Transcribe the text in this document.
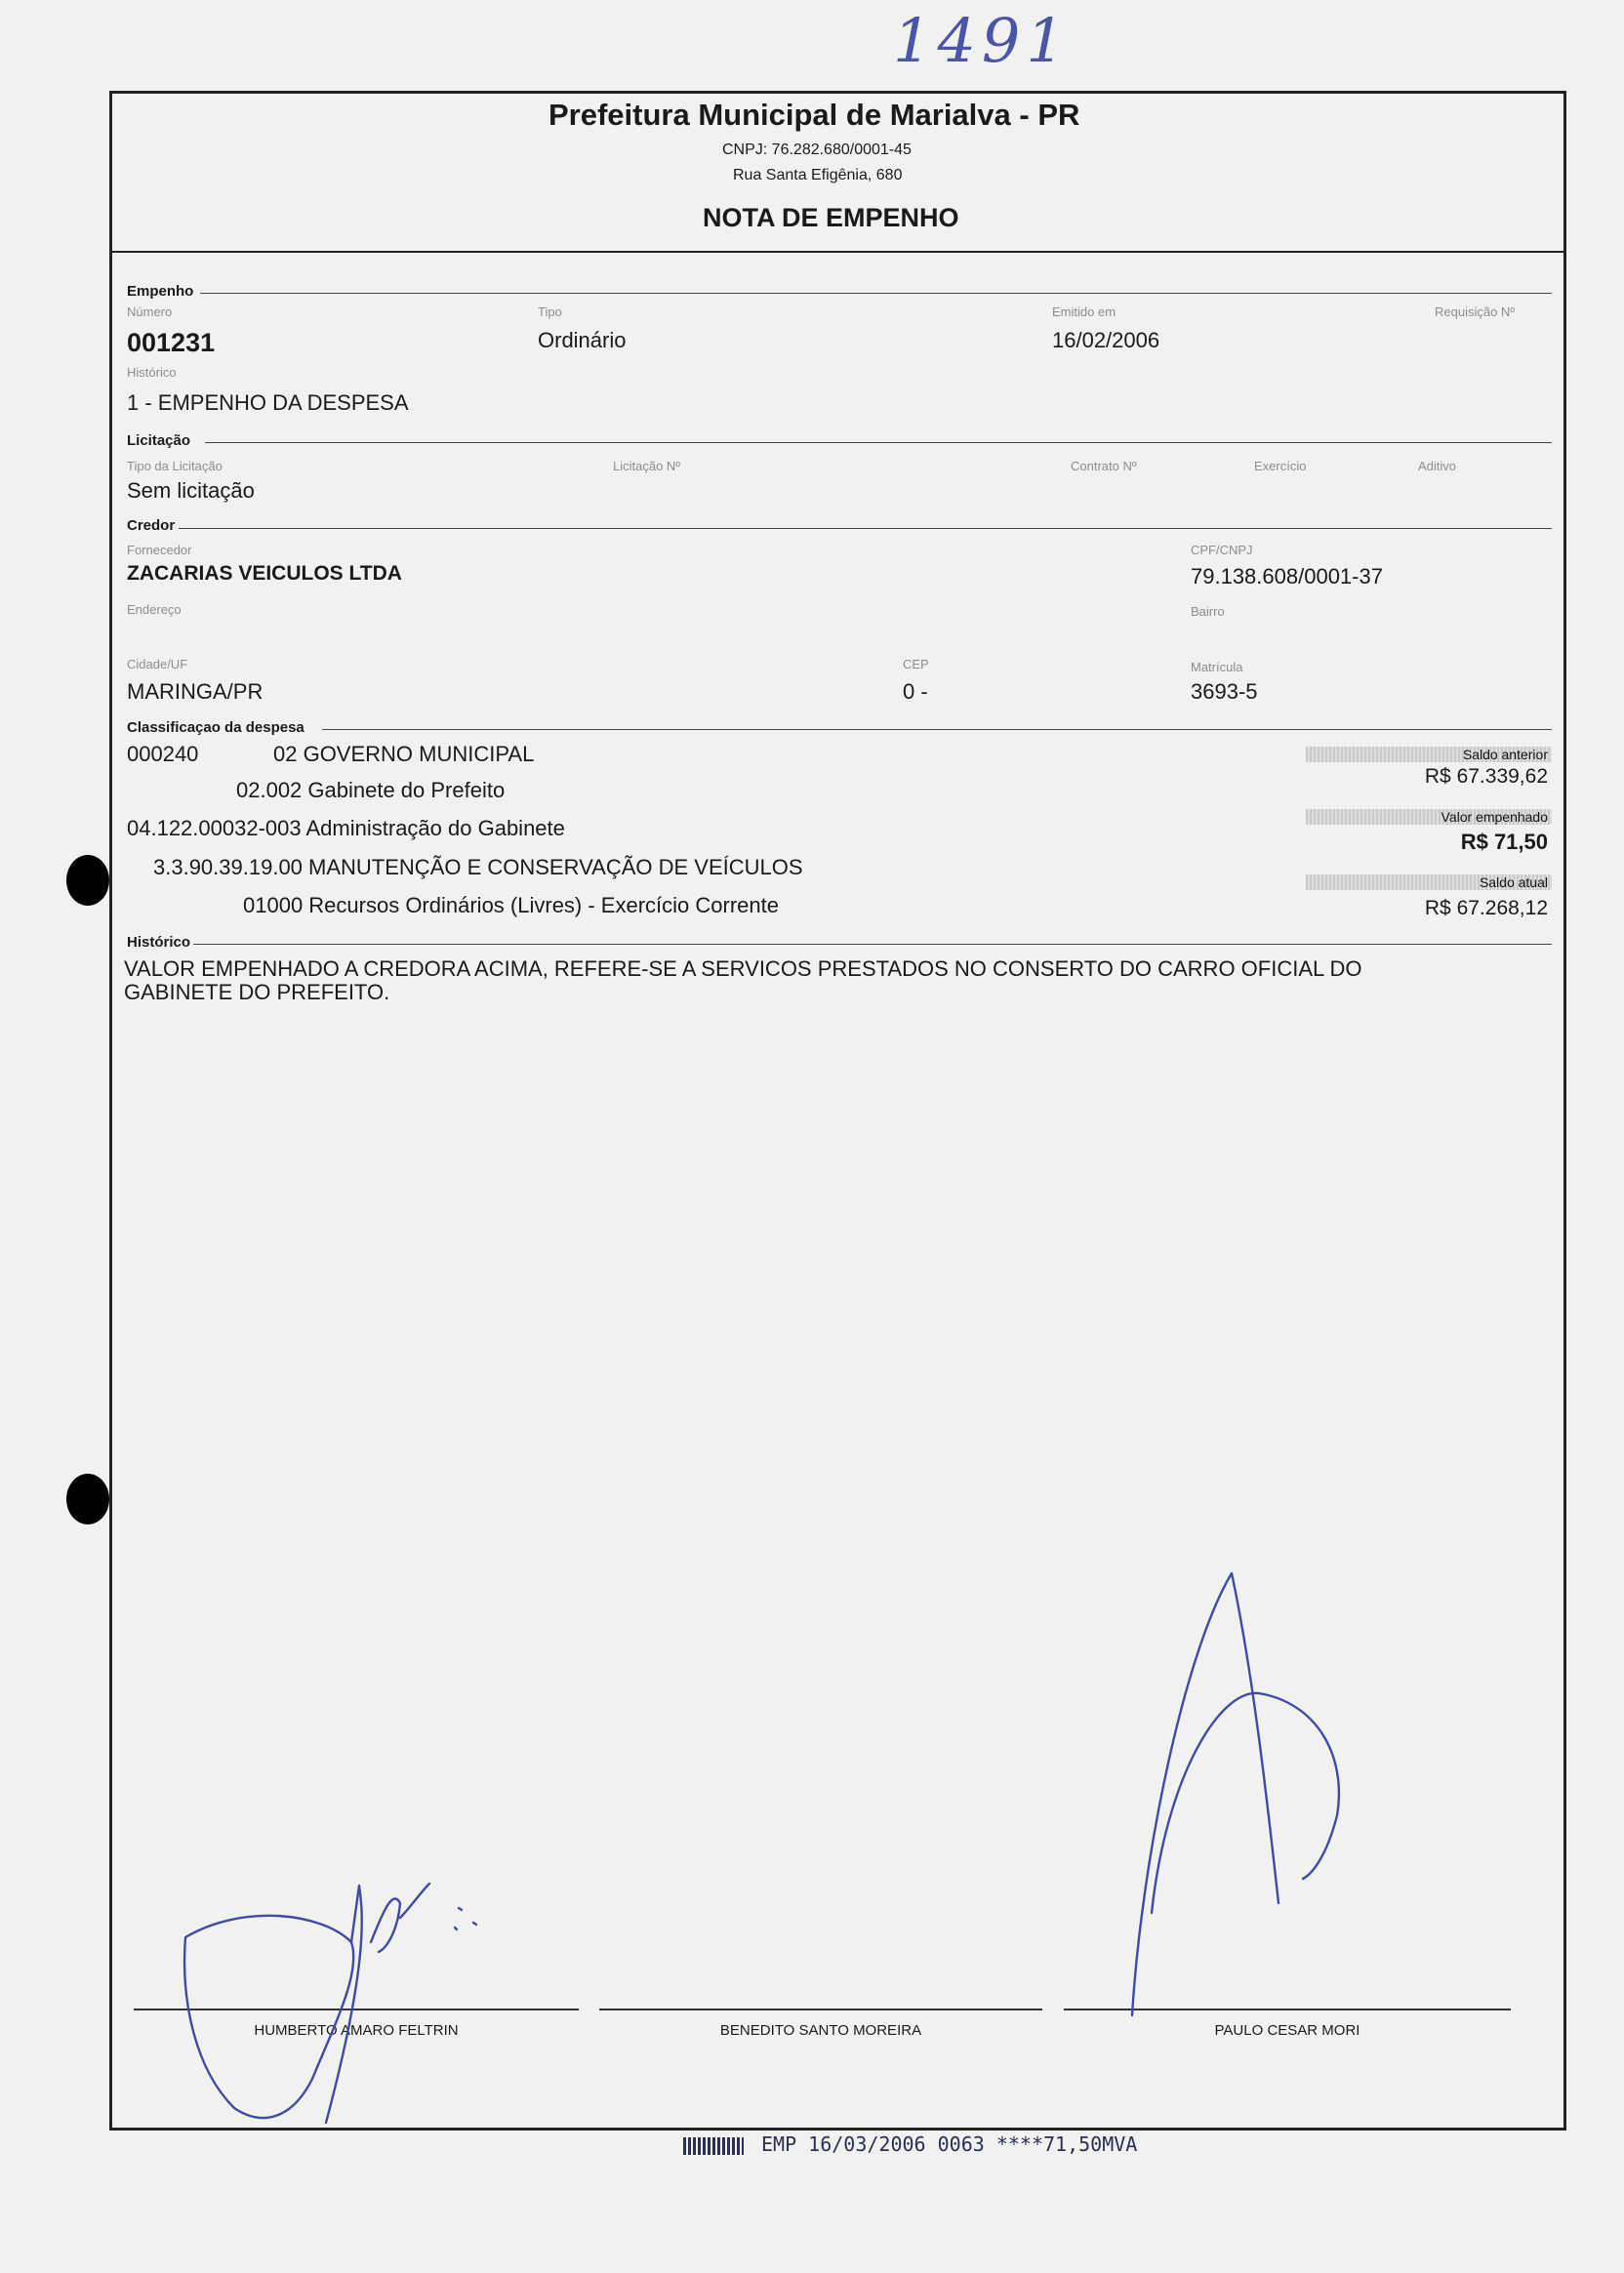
1491
Prefeitura Municipal de Marialva - PR
CNPJ: 76.282.680/0001-45
Rua Santa Efigênia, 680
NOTA DE EMPENHO
Empenho
Número
001231
Tipo
Ordinário
Emitido em
16/02/2006
Requisição Nº
Histórico
1 - EMPENHO DA DESPESA
Licitação
Tipo da Licitação
Sem licitação
Licitação Nº	Contrato Nº	Exercício	Aditivo
Credor
Fornecedor
ZACARIAS VEICULOS LTDA
CPF/CNPJ
79.138.608/0001-37
Endereço	Bairro
Cidade/UF
MARINGA/PR
CEP
0 -
Matrícula
3693-5
Classificaçao da despesa
000240	02 GOVERNO MUNICIPAL
02.002 Gabinete do Prefeito
04.122.00032-003 Administração do Gabinete
3.3.90.39.19.00 MANUTENÇÃO E CONSERVAÇÃO DE VEÍCULOS
01000 Recursos Ordinários (Livres) - Exercício Corrente
Saldo anterior
R$ 67.339,62
Valor empenhado
R$ 71,50
Saldo atual
R$ 67.268,12
Histórico
VALOR EMPENHADO A CREDORA ACIMA, REFERE-SE A SERVICOS PRESTADOS NO CONSERTO DO CARRO OFICIAL DO
GABINETE DO PREFEITO.
HUMBERTO AMARO FELTRIN	BENEDITO SANTO MOREIRA	PAULO CESAR MORI
EMP 16/03/2006 0063 ****71,50MVA
